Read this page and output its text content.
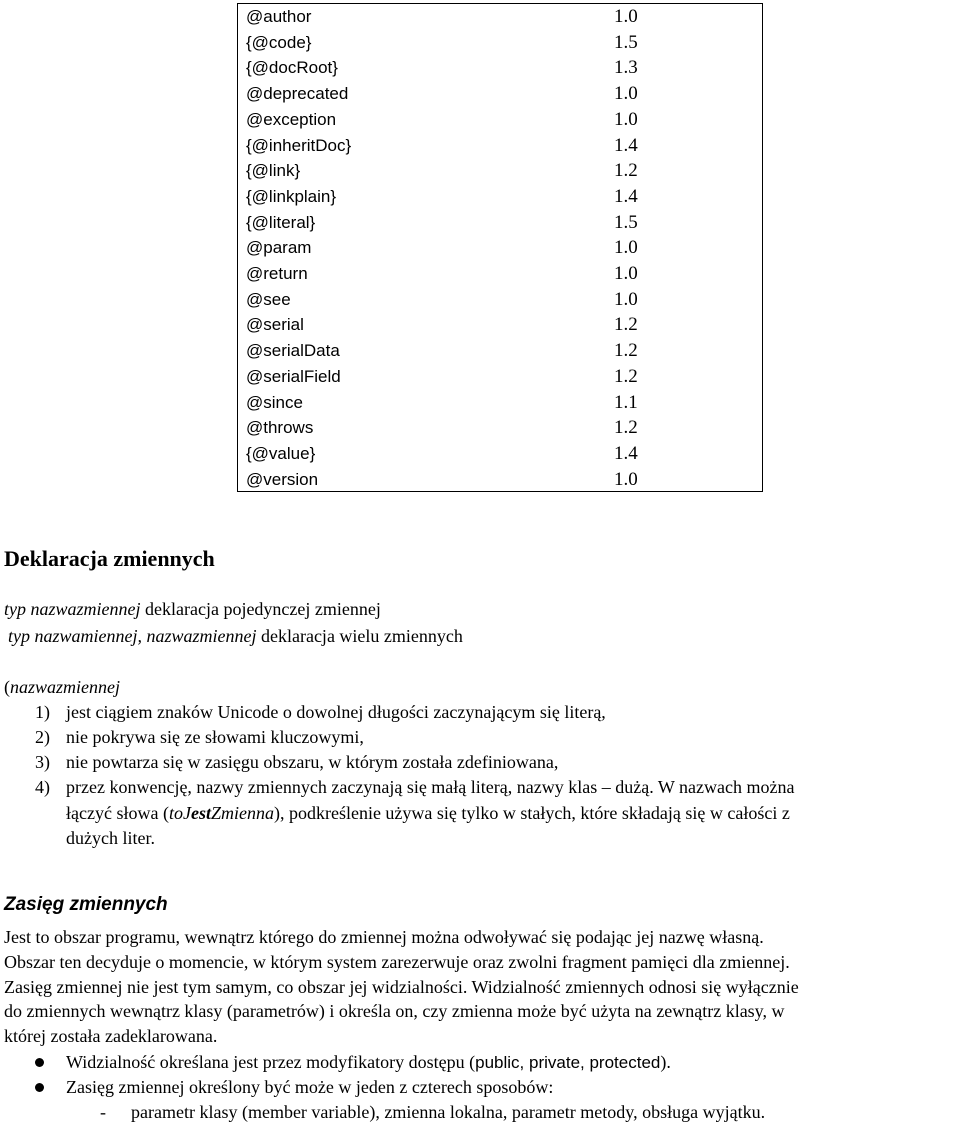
@author	1.0
{@code}	1.5
{@docRoot}	1.3
@deprecated	1.0
@exception	1.0
{@inheritDoc}	1.4
{@link}	1.2
{@linkplain}	1.4
{@literal}	1.5
@param	1.0
@return	1.0
@see	1.0
@serial	1.2
@serialData	1.2
@serialField	1.2
@since	1.1
@throws	1.2
{@value}	1.4
@version	1.0
Deklaracja zmiennych
typ nazwazmiennej deklaracja pojedynczej zmiennej
typ nazwamiennej, nazwazmiennej deklaracja wielu zmiennych
(nazwazmiennej
1) jest ciągiem znaków Unicode o dowolnej długości zaczynającym się literą,
2) nie pokrywa się ze słowami kluczowymi,
3) nie powtarza się w zasięgu obszaru, w którym została zdefiniowana,
4) przez konwencję, nazwy zmiennych zaczynają się małą literą, nazwy klas – dużą. W nazwach można
łączyć słowa (toJestZmienna), podkreślenie używa się tylko w stałych, które składają się w całości z
dużych liter.
Zasięg zmiennych
Jest to obszar programu, wewnątrz którego do zmiennej można odwoływać się podając jej nazwę własną.
Obszar ten decyduje o momencie, w którym system zarezerwuje oraz zwolni fragment pamięci dla zmiennej.
Zasięg zmiennej nie jest tym samym, co obszar jej widzialności. Widzialność zmiennych odnosi się wyłącznie
do zmiennych wewnątrz klasy (parametrów) i określa on, czy zmienna może być użyta na zewnątrz klasy, w
której została zadeklarowana.
Widzialność określana jest przez modyfikatory dostępu (public, private, protected).
Zasięg zmiennej określony być może w jeden z czterech sposobów:
- parametr klasy (member variable), zmienna lokalna, parametr metody, obsługa wyjątku.
